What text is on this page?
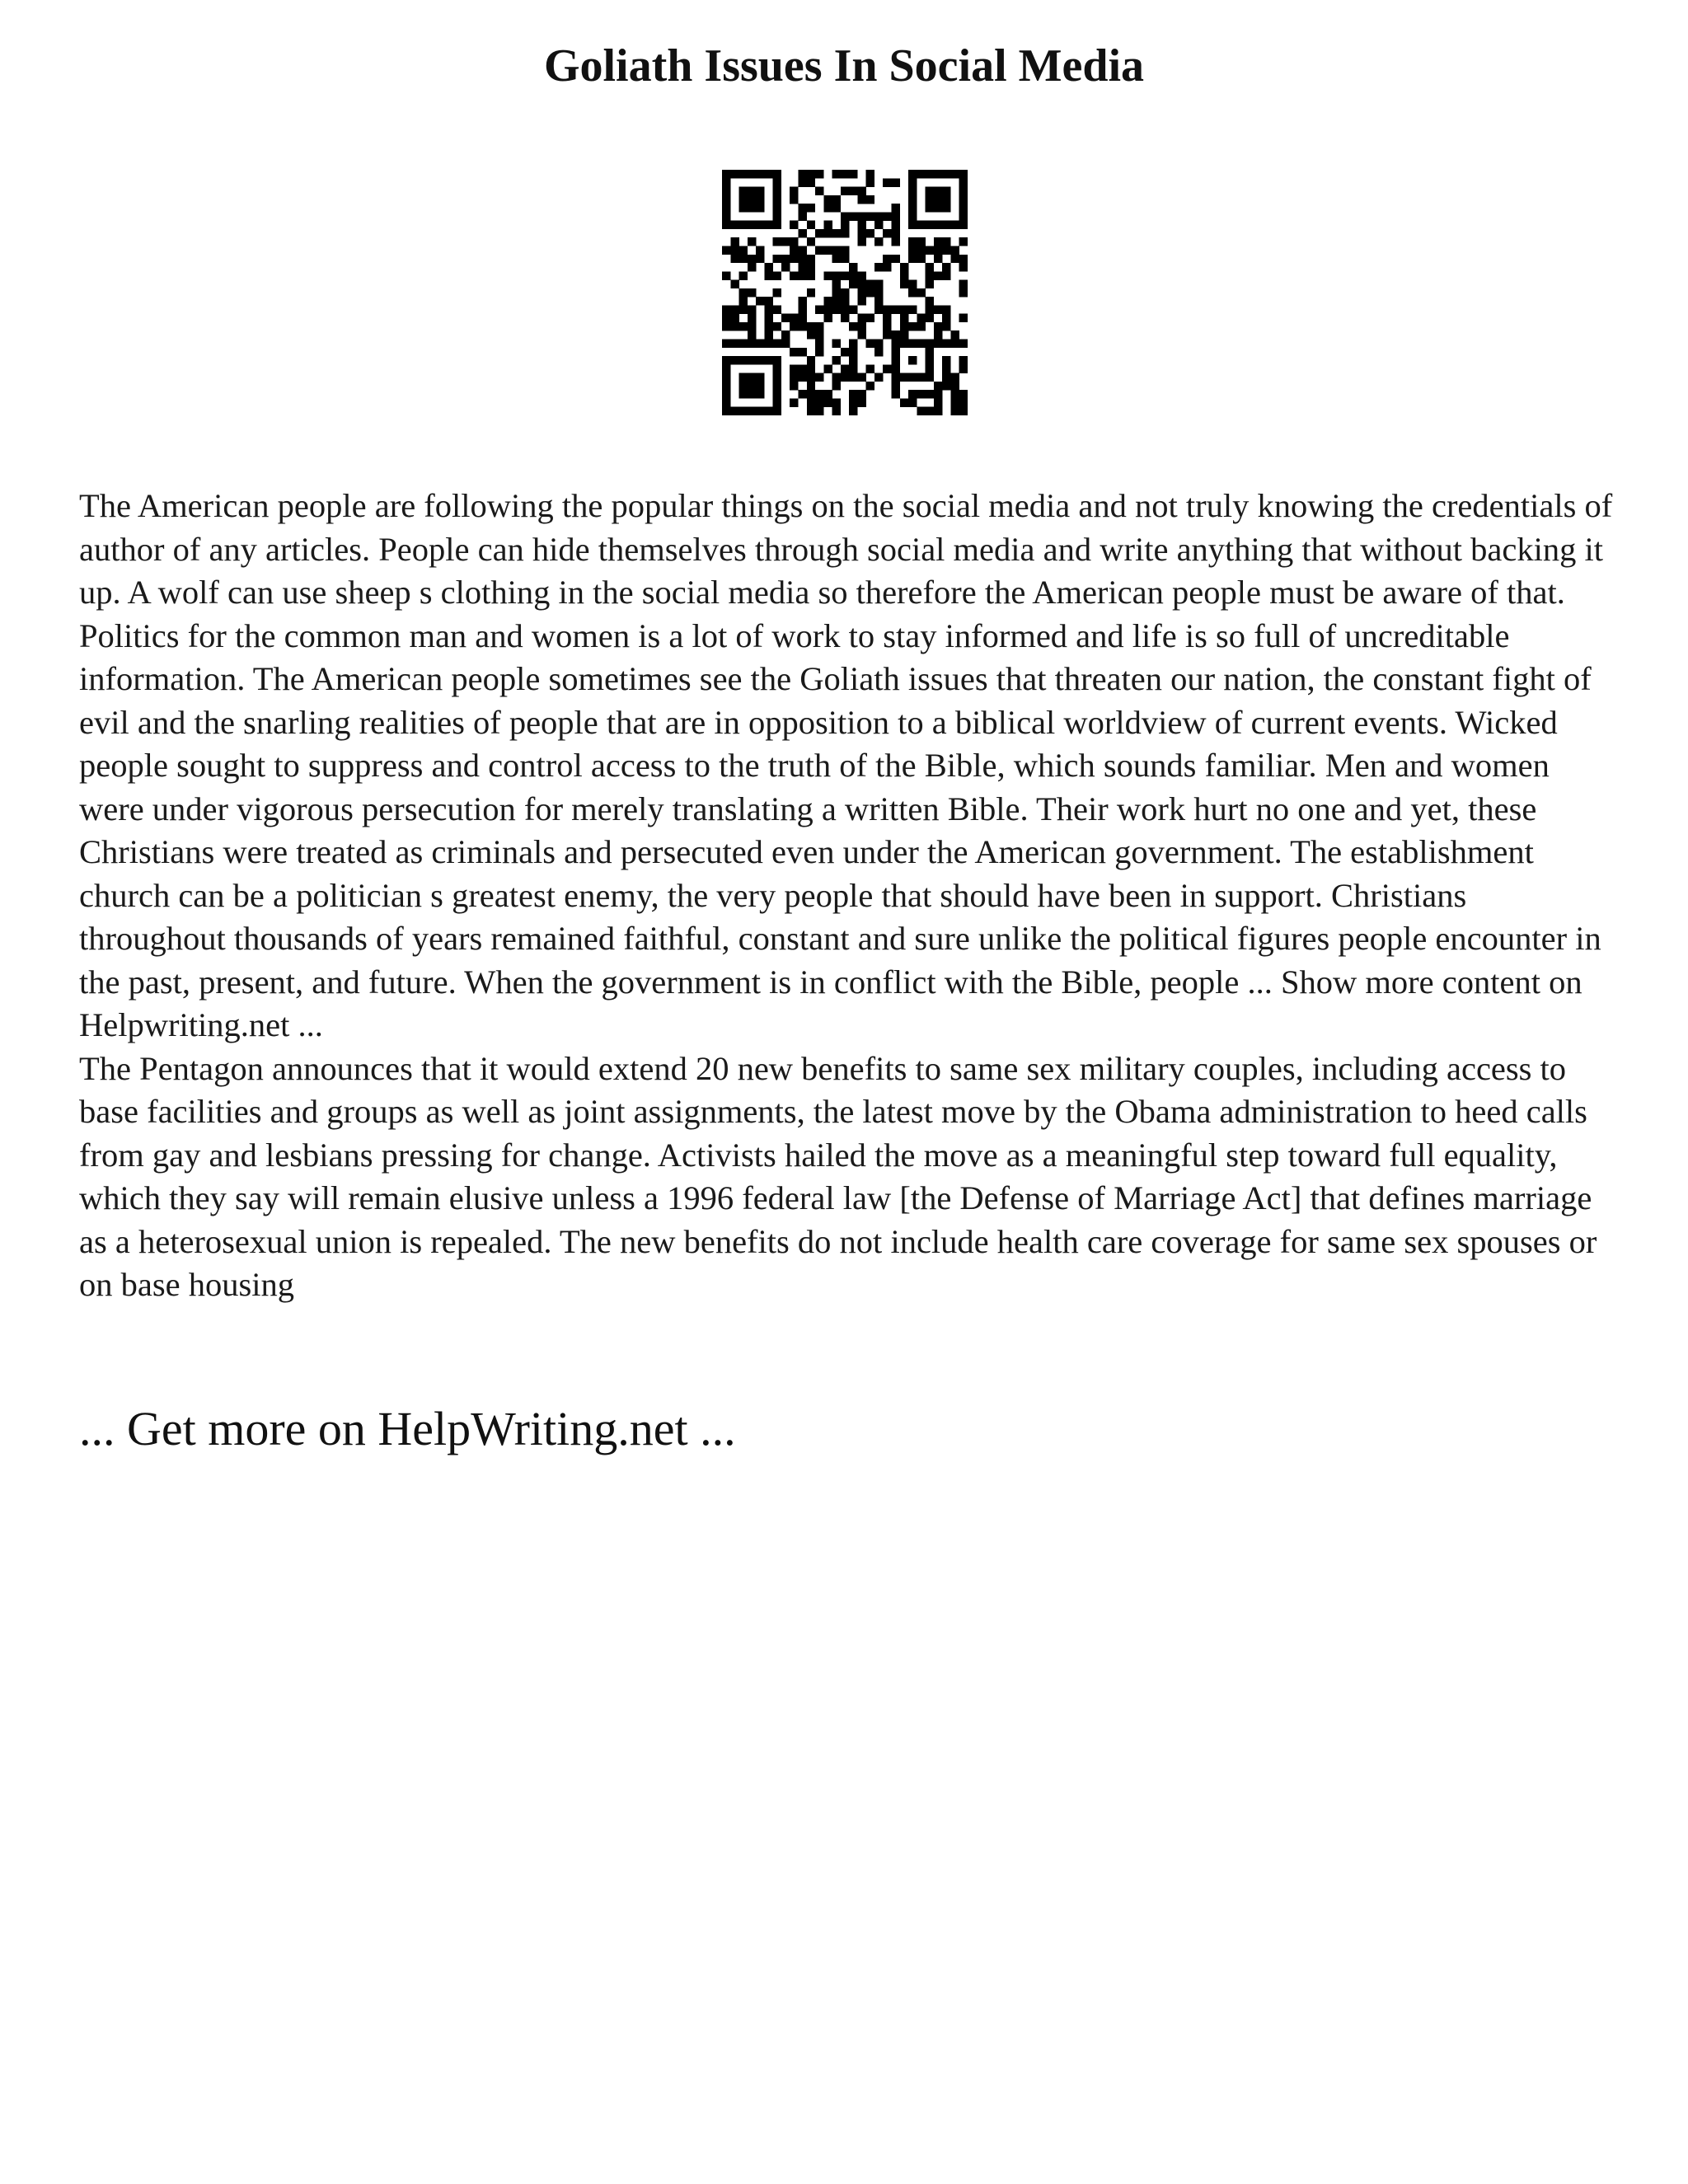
Goliath Issues In Social Media

The American people are following the popular things on the social media and not truly knowing the credentials of author of any articles. People can hide themselves through social media and write anything that without backing it up. A wolf can use sheep s clothing in the social media so therefore the American people must be aware of that. Politics for the common man and women is a lot of work to stay informed and life is so full of uncreditable information. The American people sometimes see the Goliath issues that threaten our nation, the constant fight of evil and the snarling realities of people that are in opposition to a biblical worldview of current events. Wicked people sought to suppress and control access to the truth of the Bible, which sounds familiar. Men and women were under vigorous persecution for merely translating a written Bible. Their work hurt no one and yet, these Christians were treated as criminals and persecuted even under the American government. The establishment church can be a politician s greatest enemy, the very people that should have been in support. Christians throughout thousands of years remained faithful, constant and sure unlike the political figures people encounter in the past, present, and future. When the government is in conflict with the Bible, people ... Show more content on Helpwriting.net ...

The Pentagon announces that it would extend 20 new benefits to same sex military couples, including access to base facilities and groups as well as joint assignments, the latest move by the Obama administration to heed calls from gay and lesbians pressing for change. Activists hailed the move as a meaningful step toward full equality, which they say will remain elusive unless a 1996 federal law [the Defense of Marriage Act] that defines marriage as a heterosexual union is repealed. The new benefits do not include health care coverage for same sex spouses or on base housing

... Get more on HelpWriting.net ...
